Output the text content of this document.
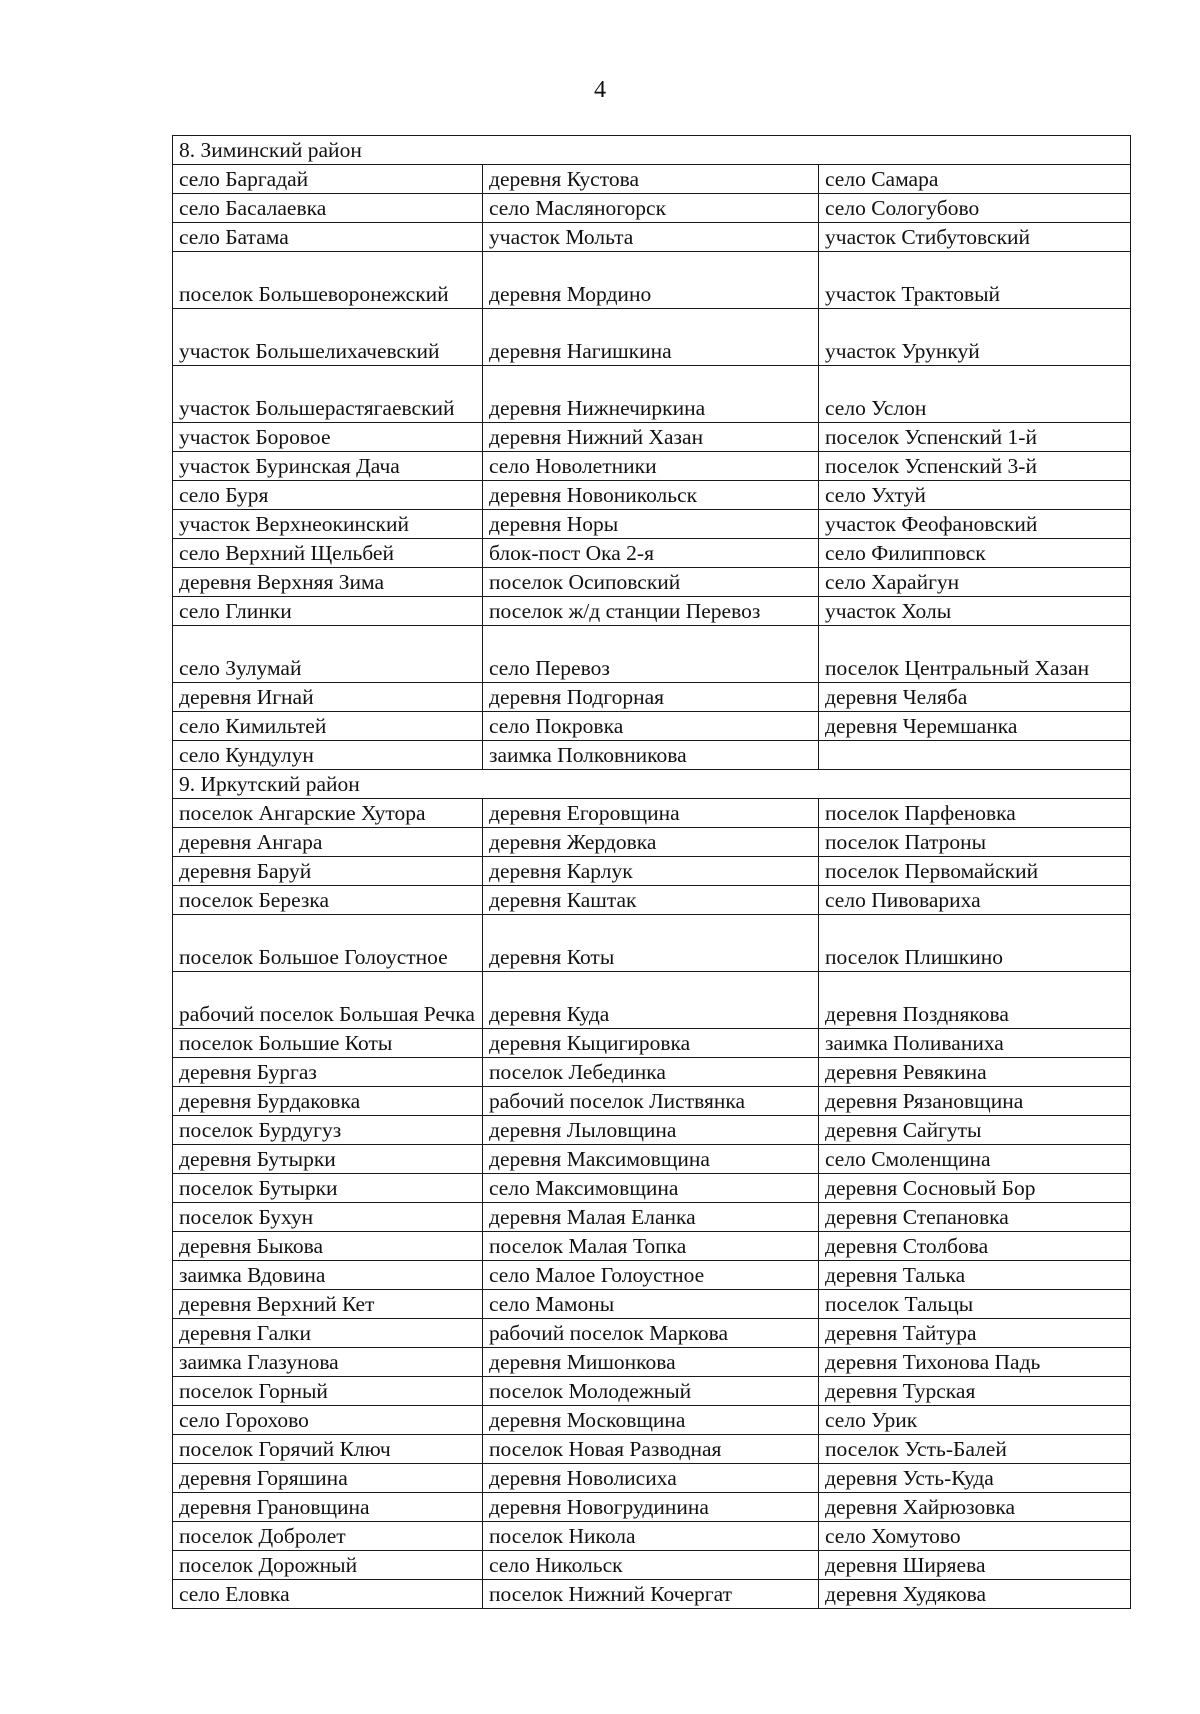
4
8. Зиминский район		
село Баргадай	деревня Кустова	село Самара
село Басалаевка	село Масляногорск	село Сологубово
село Батама	участок Мольта	участок Стибутовский
поселок Большеворонежский	деревня Мордино	участок Трактовый
участок Большелихачевский	деревня Нагишкина	участок Урункуй
участок Большерастягаевский	деревня Нижнечиркина	село Услон
участок Боровое	деревня Нижний Хазан	поселок Успенский 1-й
участок Буринская Дача	село Новолетники	поселок Успенский 3-й
село Буря	деревня Новоникольск	село Ухтуй
участок Верхнеокинский	деревня Норы	участок Феофановский
село Верхний Щельбей	блок-пост Ока 2-я	село Филипповск
деревня Верхняя Зима	поселок Осиповский	село Харайгун
село Глинки	поселок ж/д станции Перевоз	участок Холы
село Зулумай	село Перевоз	поселок Центральный Хазан
деревня Игнай	деревня Подгорная	деревня Челяба
село Кимильтей	село Покровка	деревня Черемшанка
село Кундулун	заимка Полковникова	
9. Иркутский район		
поселок Ангарские Хутора	деревня Егоровщина	поселок Парфеновка
деревня Ангара	деревня Жердовка	поселок Патроны
деревня Баруй	деревня Карлук	поселок Первомайский
поселок Березка	деревня Каштак	село Пивовариха
поселок Большое Голоустное	деревня Коты	поселок Плишкино
рабочий поселок Большая Речка	деревня Куда	деревня Позднякова
поселок Большие Коты	деревня Кыцигировка	заимка Поливаниха
деревня Бургаз	поселок Лебединка	деревня Ревякина
деревня Бурдаковка	рабочий поселок Листвянка	деревня Рязановщина
поселок Бурдугуз	деревня Лыловщина	деревня Сайгуты
деревня Бутырки	деревня Максимовщина	село Смоленщина
поселок Бутырки	село Максимовщина	деревня Сосновый Бор
поселок Бухун	деревня Малая Еланка	деревня Степановка
деревня Быкова	поселок Малая Топка	деревня Столбова
заимка Вдовина	село Малое Голоустное	деревня Талька
деревня Верхний Кет	село Мамоны	поселок Тальцы
деревня Галки	рабочий поселок Маркова	деревня Тайтура
заимка Глазунова	деревня Мишонкова	деревня Тихонова Падь
поселок Горный	поселок Молодежный	деревня Турская
село Горохово	деревня Московщина	село Урик
поселок Горячий Ключ	поселок Новая Разводная	поселок Усть-Балей
деревня Горяшина	деревня Новолисиха	деревня Усть-Куда
деревня Грановщина	деревня Новогрудинина	деревня Хайрюзовка
поселок Добролет	поселок Никола	село Хомутово
поселок Дорожный	село Никольск	деревня Ширяева
село Еловка	поселок Нижний Кочергат	деревня Худякова
